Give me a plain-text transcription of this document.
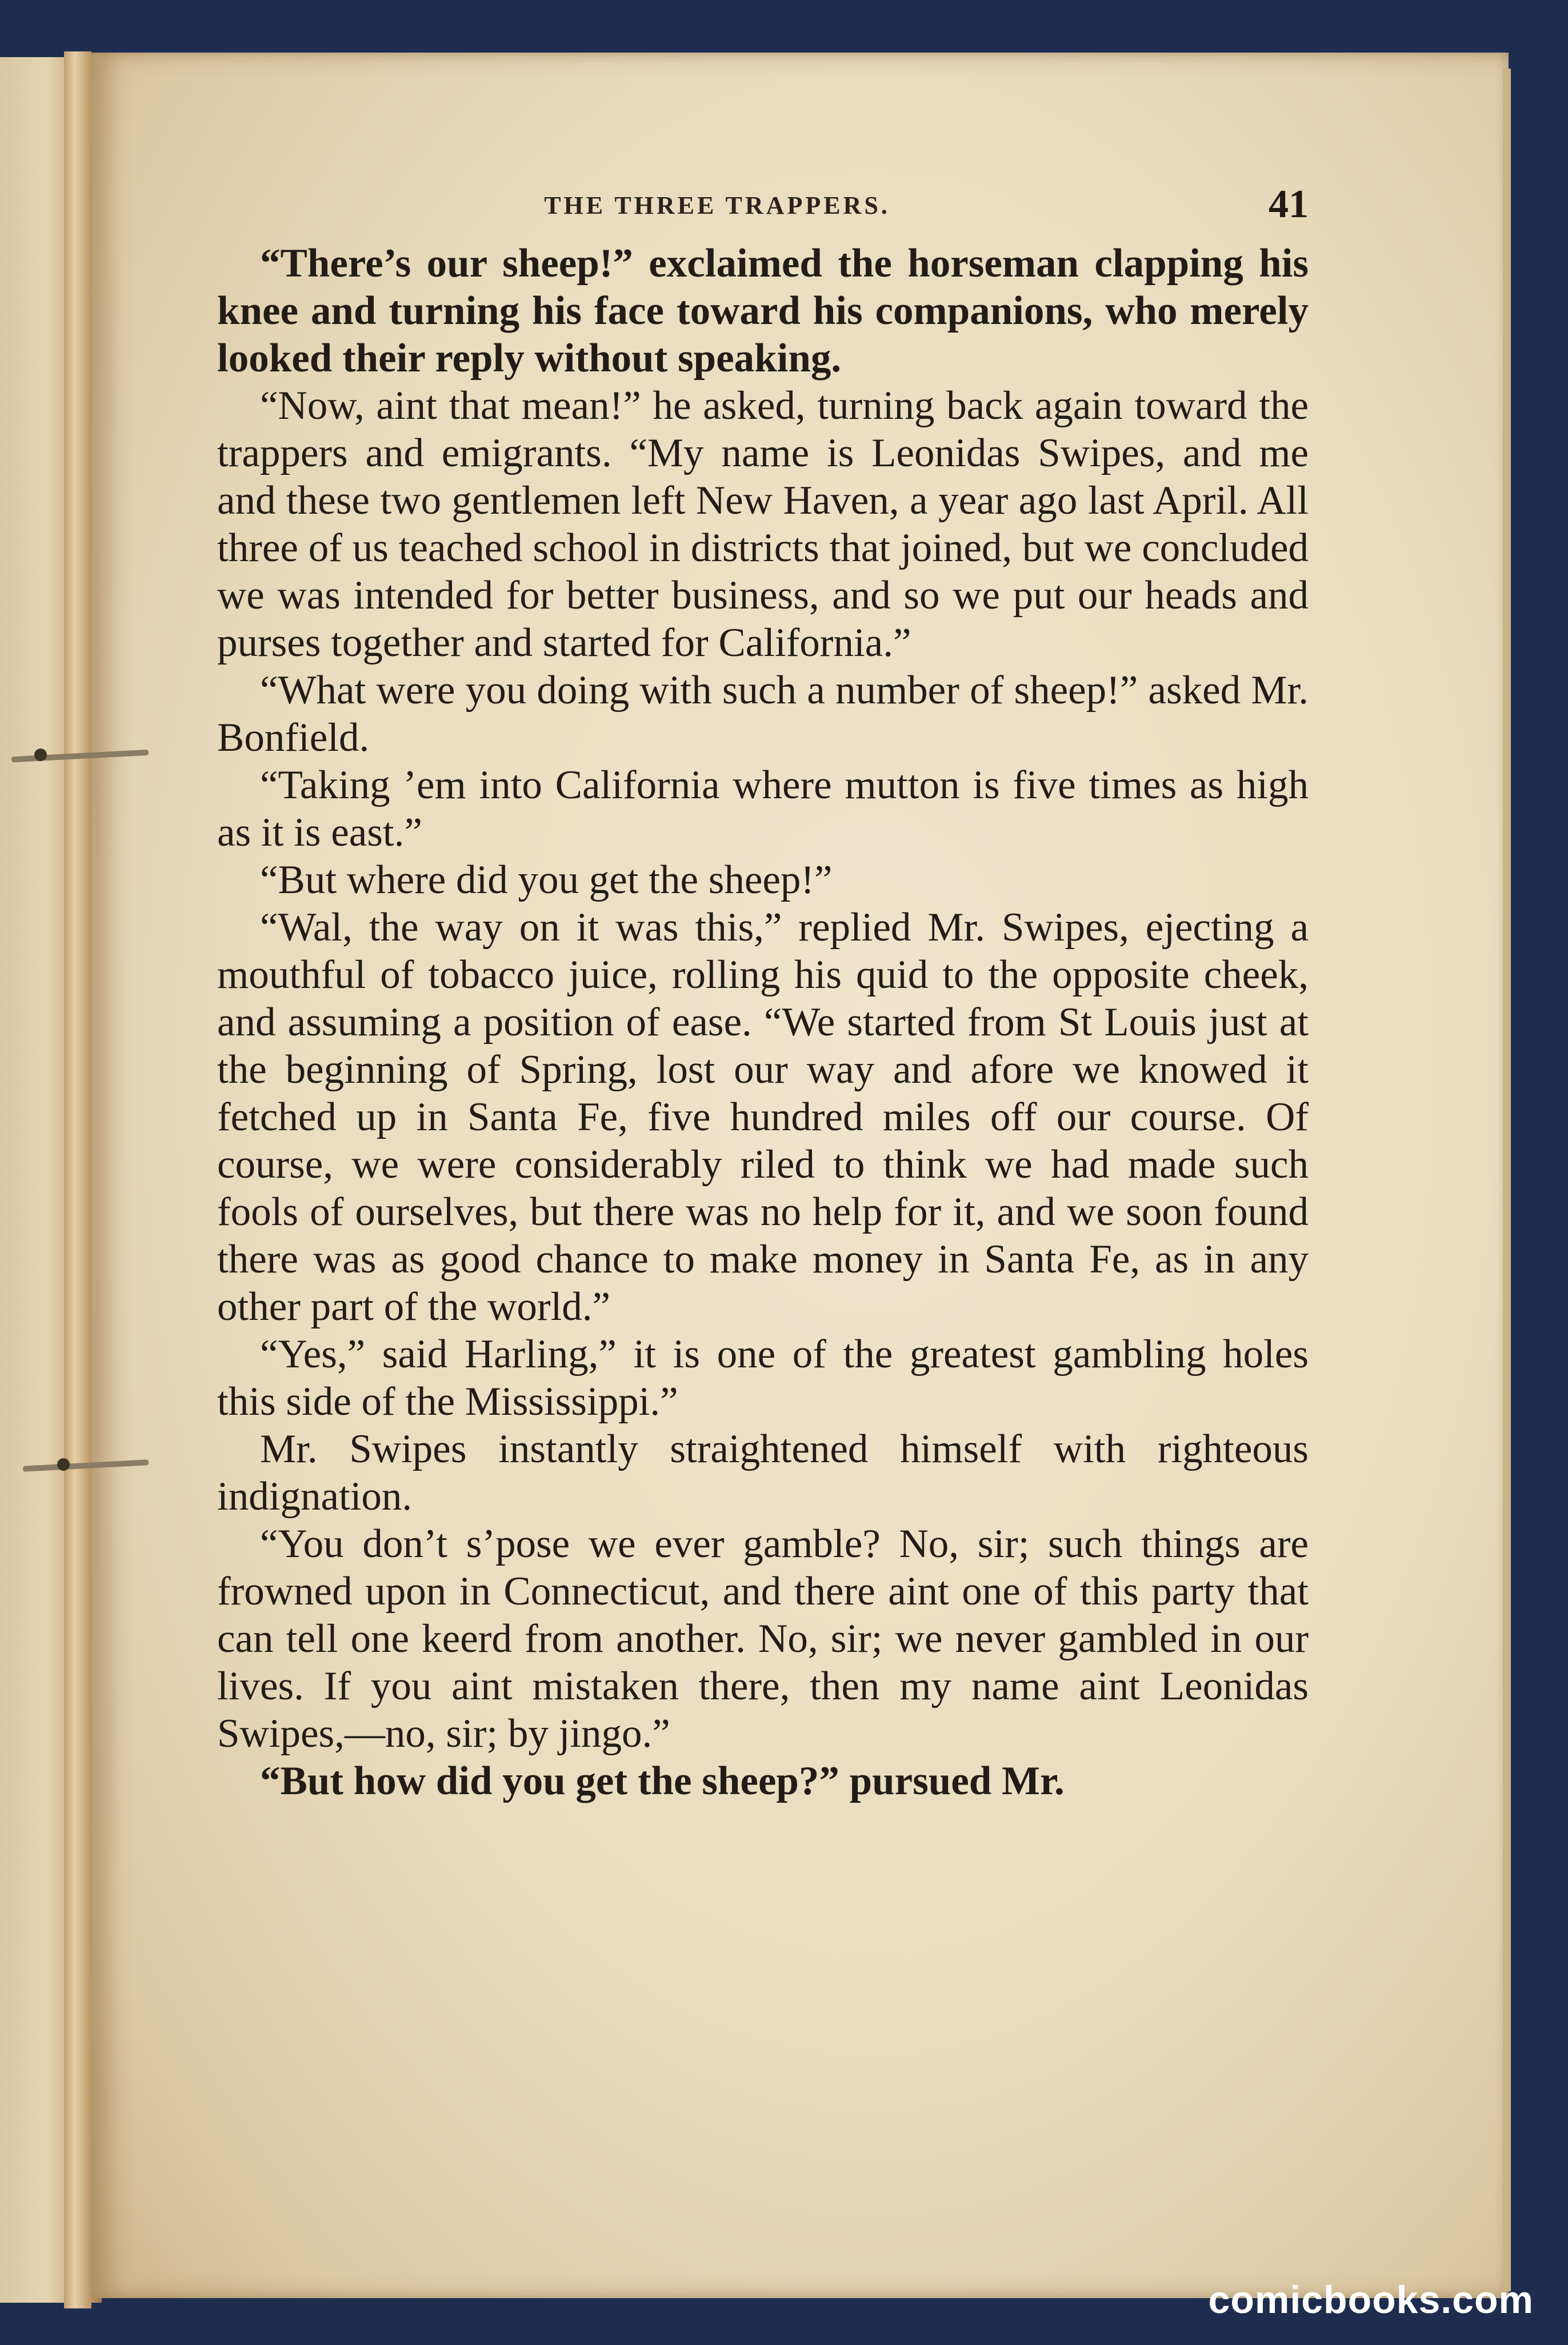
THE THREE TRAPPERS.	41

“There’s our sheep!” exclaimed the horseman clapping his knee and turning his face toward his companions, who merely looked their reply without speaking.

“Now, aint that mean!” he asked, turning back again toward the trappers and emigrants. “My name is Leonidas Swipes, and me and these two gentlemen left New Haven, a year ago last April. All three of us teached school in districts that joined, but we concluded we was intended for better business, and so we put our heads and purses together and started for California.”

“What were you doing with such a number of sheep!” asked Mr. Bonfield.

“Taking ’em into California where mutton is five times as high as it is east.”

“But where did you get the sheep!”

“Wal, the way on it was this,” replied Mr. Swipes, ejecting a mouthful of tobacco juice, rolling his quid to the opposite cheek, and assuming a position of ease. “We started from St Louis just at the beginning of Spring, lost our way and afore we knowed it fetched up in Santa Fe, five hundred miles off our course. Of course, we were considerably riled to think we had made such fools of ourselves, but there was no help for it, and we soon found there was as good chance to make money in Santa Fe, as in any other part of the world.”

“Yes,” said Harling,” it is one of the greatest gambling holes this side of the Mississippi.”

Mr. Swipes instantly straightened himself with righteous indignation.

“You don’t s’pose we ever gamble? No, sir; such things are frowned upon in Connecticut, and there aint one of this party that can tell one keerd from another. No, sir; we never gambled in our lives. If you aint mistaken there, then my name aint Leonidas Swipes,—no, sir; by jingo.”

“But how did you get the sheep?” pursued Mr.

comicbooks.com
